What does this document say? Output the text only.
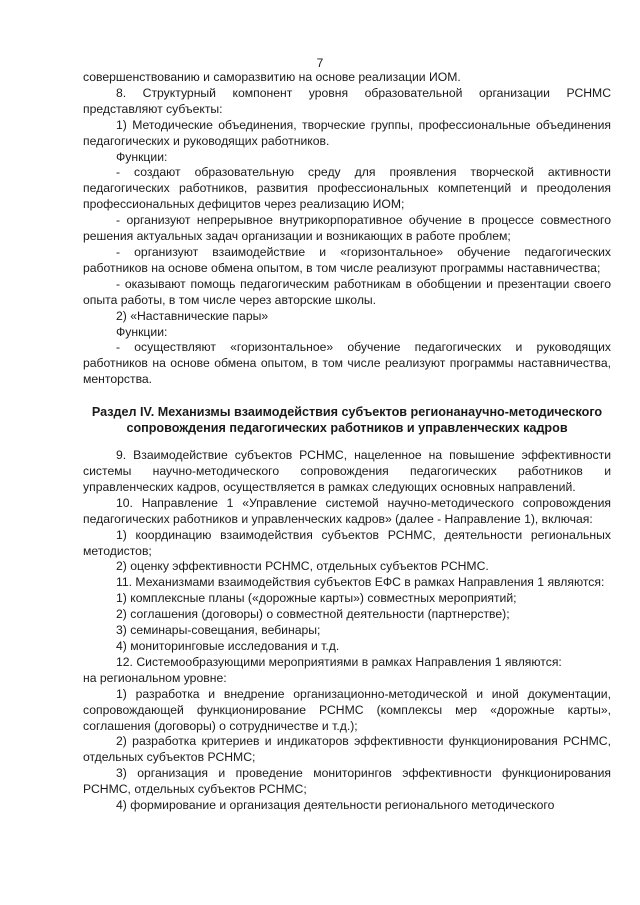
7

совершенствованию и саморазвитию на основе реализации ИОМ.

8. Структурный компонент уровня образовательной организации РСНМС представляют субъекты:

1) Методические объединения, творческие группы, профессиональные объединения педагогических и руководящих работников.

Функции:

- создают образовательную среду для проявления творческой активности педагогических работников, развития профессиональных компетенций и преодоления профессиональных дефицитов через реализацию ИОМ;

- организуют непрерывное внутрикорпоративное обучение в процессе совместного решения актуальных задач организации и возникающих в работе проблем;

- организуют взаимодействие и «горизонтальное» обучение педагогических работников на основе обмена опытом, в том числе реализуют программы наставничества;

- оказывают помощь педагогическим работникам в обобщении и презентации своего опыта работы, в том числе через авторские школы.

2) «Наставнические пары»

Функции:

- осуществляют «горизонтальное» обучение педагогических и руководящих работников на основе обмена опытом, в том числе реализуют программы наставничества, менторства.

Раздел IV. Механизмы взаимодействия субъектов регионанаучно-методического сопровождения педагогических работников и управленческих кадров

9. Взаимодействие субъектов РСНМС, нацеленное на повышение эффективности системы научно-методического сопровождения педагогических работников и управленческих кадров, осуществляется в рамках следующих основных направлений.

10. Направление 1 «Управление системой научно-методического сопровождения педагогических работников и управленческих кадров» (далее - Направление 1), включая:

1) координацию взаимодействия субъектов РСНМС, деятельности региональных методистов;

2) оценку эффективности РСНМС, отдельных субъектов РСНМС.

11. Механизмами взаимодействия субъектов ЕФС в рамках Направления 1 являются:

1) комплексные планы («дорожные карты») совместных мероприятий;

2) соглашения (договоры) о совместной деятельности (партнерстве);

3) семинары-совещания, вебинары;

4) мониторинговые исследования и т.д.

12. Системообразующими мероприятиями в рамках Направления 1 являются:

на региональном уровне:

1) разработка и внедрение организационно-методической и иной документации, сопровождающей функционирование РСНМС (комплексы мер «дорожные карты», соглашения (договоры) о сотрудничестве и т.д.);

2) разработка критериев и индикаторов эффективности функционирования РСНМС, отдельных субъектов РСНМС;

3) организация и проведение мониторингов эффективности функционирования РСНМС, отдельных субъектов РСНМС;

4) формирование и организация деятельности регионального методического
